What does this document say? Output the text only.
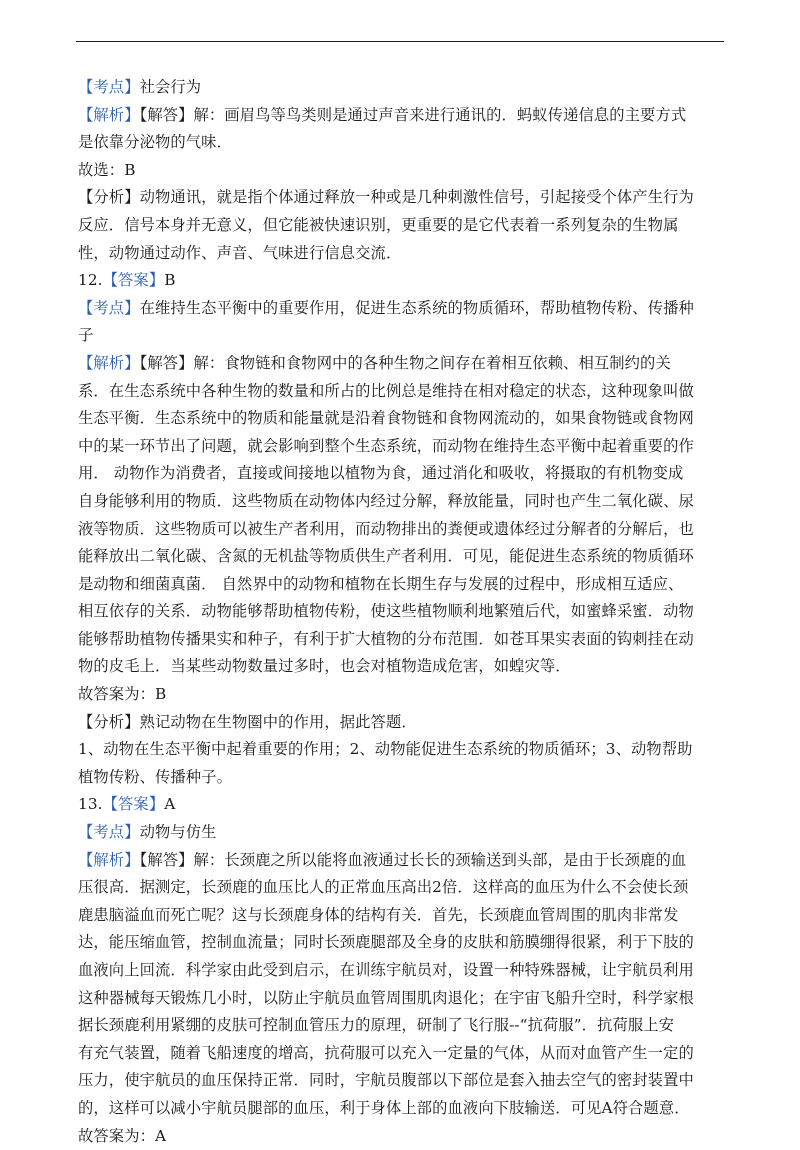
【考点】社会行为
【解析】【解答】解：画眉鸟等鸟类则是通过声音来进行通讯的．蚂蚁传递信息的主要方式
是依靠分泌物的气味．
故选：B
【分析】动物通讯，就是指个体通过释放一种或是几种刺激性信号，引起接受个体产生行为
反应．信号本身并无意义，但它能被快速识别，更重要的是它代表着一系列复杂的生物属
性，动物通过动作、声音、气味进行信息交流．
12.【答案】B
【考点】在维持生态平衡中的重要作用，促进生态系统的物质循环，帮助植物传粉、传播种
子
【解析】【解答】解：食物链和食物网中的各种生物之间存在着相互依赖、相互制约的关
系．在生态系统中各种生物的数量和所占的比例总是维持在相对稳定的状态，这种现象叫做
生态平衡．生态系统中的物质和能量就是沿着食物链和食物网流动的，如果食物链或食物网
中的某一环节出了问题，就会影响到整个生态系统，而动物在维持生态平衡中起着重要的作
用． 动物作为消费者，直接或间接地以植物为食，通过消化和吸收，将摄取的有机物变成
自身能够利用的物质．这些物质在动物体内经过分解，释放能量，同时也产生二氧化碳、尿
液等物质．这些物质可以被生产者利用，而动物排出的粪便或遗体经过分解者的分解后，也
能释放出二氧化碳、含氮的无机盐等物质供生产者利用．可见，能促进生态系统的物质循环
是动物和细菌真菌． 自然界中的动物和植物在长期生存与发展的过程中，形成相互适应、
相互依存的关系．动物能够帮助植物传粉，使这些植物顺利地繁殖后代，如蜜蜂采蜜．动物
能够帮助植物传播果实和种子，有利于扩大植物的分布范围．如苍耳果实表面的钩刺挂在动
物的皮毛上．当某些动物数量过多时，也会对植物造成危害，如蝗灾等．
故答案为：B
【分析】熟记动物在生物圈中的作用，据此答题．
1、动物在生态平衡中起着重要的作用；2、动物能促进生态系统的物质循环；3、动物帮助
植物传粉、传播种子。
13.【答案】A
【考点】动物与仿生
【解析】【解答】解：长颈鹿之所以能将血液通过长长的颈输送到头部，是由于长颈鹿的血
压很高．据测定，长颈鹿的血压比人的正常血压高出2倍．这样高的血压为什么不会使长颈
鹿患脑溢血而死亡呢？这与长颈鹿身体的结构有关．首先，长颈鹿血管周围的肌肉非常发
达，能压缩血管，控制血流量；同时长颈鹿腿部及全身的皮肤和筋膜绷得很紧，利于下肢的
血液向上回流．科学家由此受到启示，在训练宇航员对，设置一种特殊器械，让宇航员利用
这种器械每天锻炼几小时，以防止宇航员血管周围肌肉退化；在宇宙飞船升空时，科学家根
据长颈鹿利用紧绷的皮肤可控制血管压力的原理，研制了飞行服--“抗荷服”．抗荷服上安
有充气装置，随着飞船速度的增高，抗荷服可以充入一定量的气体，从而对血管产生一定的
压力，使宇航员的血压保持正常．同时，宇航员腹部以下部位是套入抽去空气的密封装置中
的，这样可以减小宇航员腿部的血压，利于身体上部的血液向下肢输送．可见A符合题意．
故答案为：A
